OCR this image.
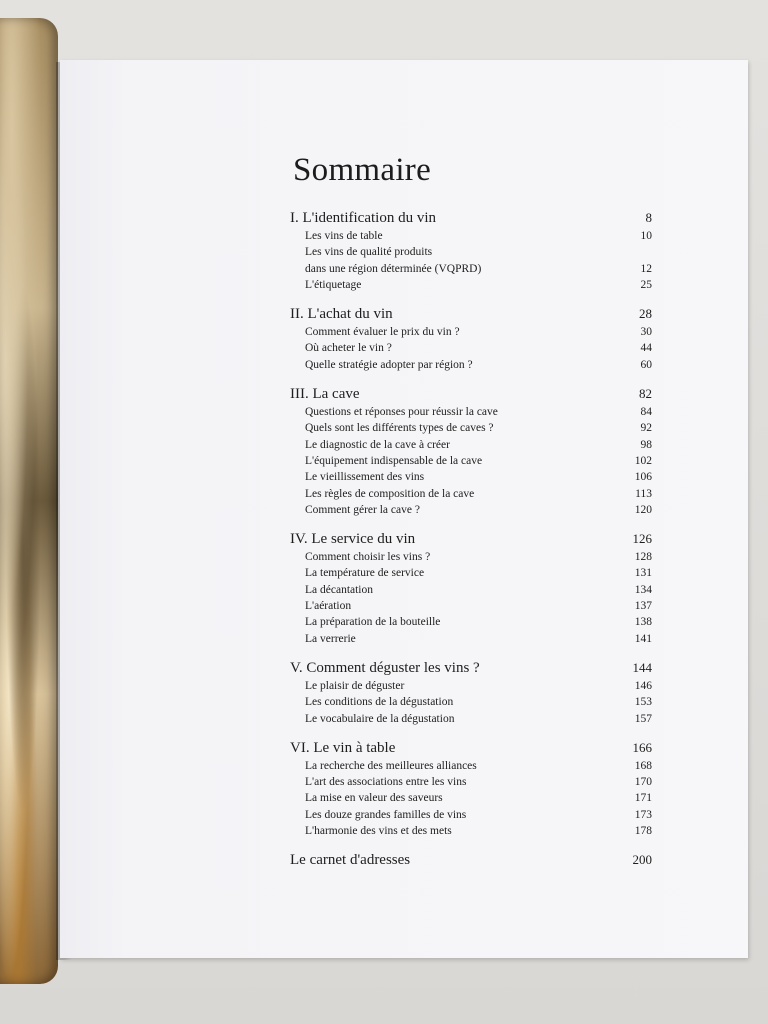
Sommaire
I. L'identification du vin	8
Les vins de table	10
Les vins de qualité produits
dans une région déterminée (VQPRD)	12
L'étiquetage	25
II. L'achat du vin	28
Comment évaluer le prix du vin ?	30
Où acheter le vin ?	44
Quelle stratégie adopter par région ?	60
III. La cave	82
Questions et réponses pour réussir la cave	84
Quels sont les différents types de caves ?	92
Le diagnostic de la cave à créer	98
L'équipement indispensable de la cave	102
Le vieillissement des vins	106
Les règles de composition de la cave	113
Comment gérer la cave ?	120
IV. Le service du vin	126
Comment choisir les vins ?	128
La température de service	131
La décantation	134
L'aération	137
La préparation de la bouteille	138
La verrerie	141
V. Comment déguster les vins ?	144
Le plaisir de déguster	146
Les conditions de la dégustation	153
Le vocabulaire de la dégustation	157
VI. Le vin à table	166
La recherche des meilleures alliances	168
L'art des associations entre les vins	170
La mise en valeur des saveurs	171
Les douze grandes familles de vins	173
L'harmonie des vins et des mets	178
Le carnet d'adresses	200
